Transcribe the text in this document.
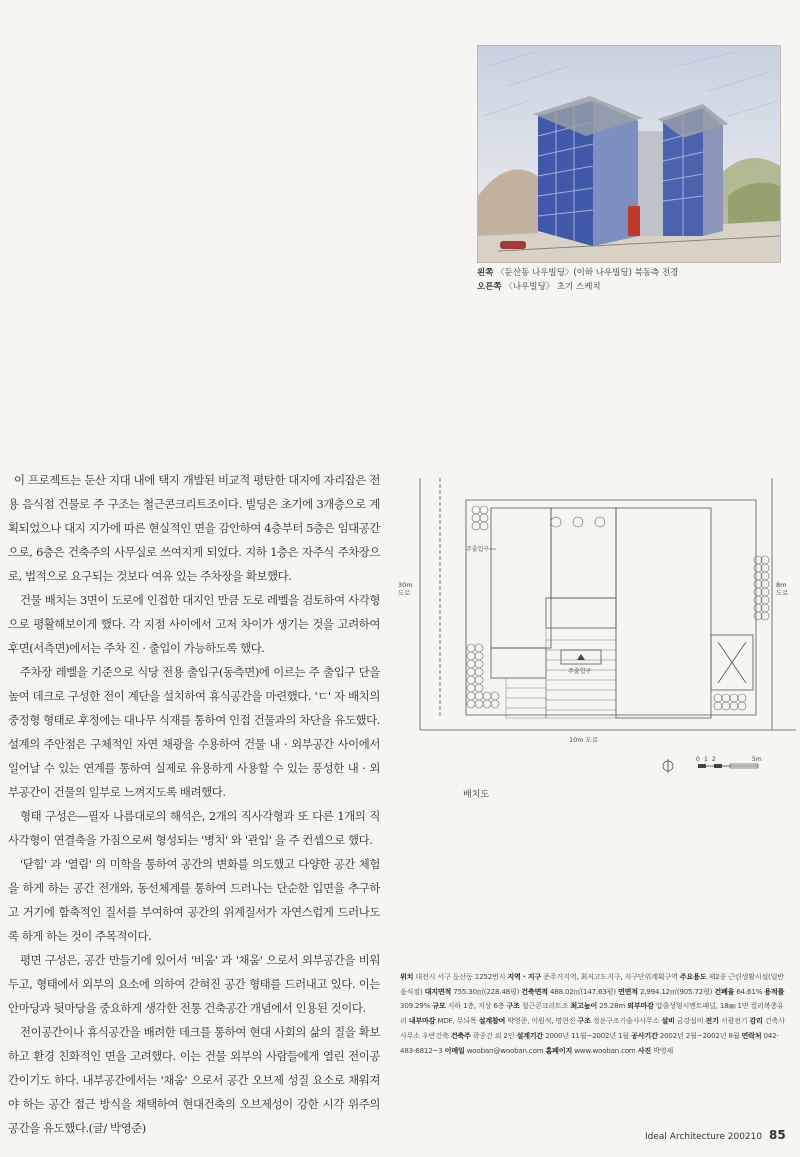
왼쪽 〈둔산동 나우빌딩〉(이하 나우빌딩) 북동측 전경
오른쪽 〈나우빌딩〉 초기 스케치

이 프로젝트는 둔산 지대 내에 택지 개발된 비교적 평탄한 대지에 자리잡은 전용 음식점 건물로 주 구조는 철근콘크리트조이다. 빌딩은 초기에 3개층으로 계획되었으나 대지 지가에 따른 현실적인 면을 감안하여 4층부터 5층은 임대공간으로, 6층은 건축주의 사무실로 쓰여지게 되었다. 지하 1층은 자주식 주차장으로, 법적으로 요구되는 것보다 여유 있는 주차장을 확보했다.

건물 배치는 3면이 도로에 인접한 대지인 만큼 도로 레벨을 검토하여 사각형으로 평활해보이게 했다. 각 지점 사이에서 고저 차이가 생기는 것을 고려하여 후면(서측면)에서는 주차 진 · 출입이 가능하도록 했다.

주차장 레벨을 기준으로 식당 전용 출입구(동측면)에 이르는 주 출입구 단을 높여 데크로 구성한 전이 계단을 설치하여 휴식공간을 마련했다. 'ㄷ' 자 배치의 중정형 형태로 후정에는 대나무 식재를 통하여 인접 건물과의 차단을 유도했다. 설계의 주안점은 구체적인 자연 채광을 수용하여 건물 내 · 외부공간 사이에서 일어날 수 있는 연계를 통하여 실제로 유용하게 사용할 수 있는 풍성한 내 · 외부공간이 건물의 일부로 느껴지도록 배려했다.

형태 구성은—필자 나름대로의 해석은, 2개의 직사각형과 또 다른 1개의 직사각형이 연결축을 가짐으로써 형성되는 '병치' 와 '관입' 을 주 컨셉으로 했다.

'닫힘' 과 '열림' 의 미학을 통하여 공간의 변화를 의도했고 다양한 공간 체험을 하게 하는 공간 전개와, 동선체계를 통하여 드러나는 단순한 입면을 추구하고 거기에 함축적인 질서를 부여하여 공간의 위계질서가 자연스럽게 드러나도록 하게 하는 것이 주목적이다.

평면 구성은, 공간 만들기에 있어서 '비움' 과 '채움' 으로서 외부공간을 비워두고, 형태에서 외부의 요소에 의하여 갇혀진 공간 형태를 드러내고 있다. 이는 안마당과 뒷마당을 중요하게 생각한 전통 건축공간 개념에서 인용된 것이다.

전이공간이나 휴식공간을 배려한 데크를 통하여 현대 사회의 삶의 질을 확보하고 환경 친화적인 면을 고려했다. 이는 건물 외부의 사람들에게 열린 전이공간이기도 하다. 내부공간에서는 '채움' 으로서 공간 오브제 성질 요소로 채워져야 하는 공간 접근 방식을 채택하여 현대건축의 오브제성이 강한 시각 위주의 공간을 유도했다.(글/ 박영준)

30m
도로
8m
도로
10m 도로
주출입구
주출입구
0 1 2	5m
배치도
위치 대전시 서구 둔산동 1252번지 지역 · 지구 준주거지역, 최저고도지구, 지구단위계획구역 주요용도 제2종 근린생활시설(일반음식점) 대지면적 755.30㎡(228.48평) 건축면적 488.02㎡(147.63평) 연면적 2,994.12㎡(905.72평) 건폐율 64.61% 용적률 309.29% 규모 지하 1층, 지상 6층 구조 철근콘크리트조 최고높이 25.28m 외부마감 압출성형시멘트패널, 18㎜ 1면 컬러복층유리 내부마감 MDF, 무늬목 설계참여 박영준, 이원석, 명현진 구조 정운구조기술사사무소 설비 금강설비 전기 서광전기 감리 건축사사무소 우반건축 건축주 곽종건 외 2인 설계기간 2000년 11월~2002년 1월 공사기간 2002년 2월~2002년 8월 연락처 042-483-6812~3 이메일 wooban@wooban.com 홈페이지 www.wooban.com 사진 박영제
Ideal Architecture 200210 85
